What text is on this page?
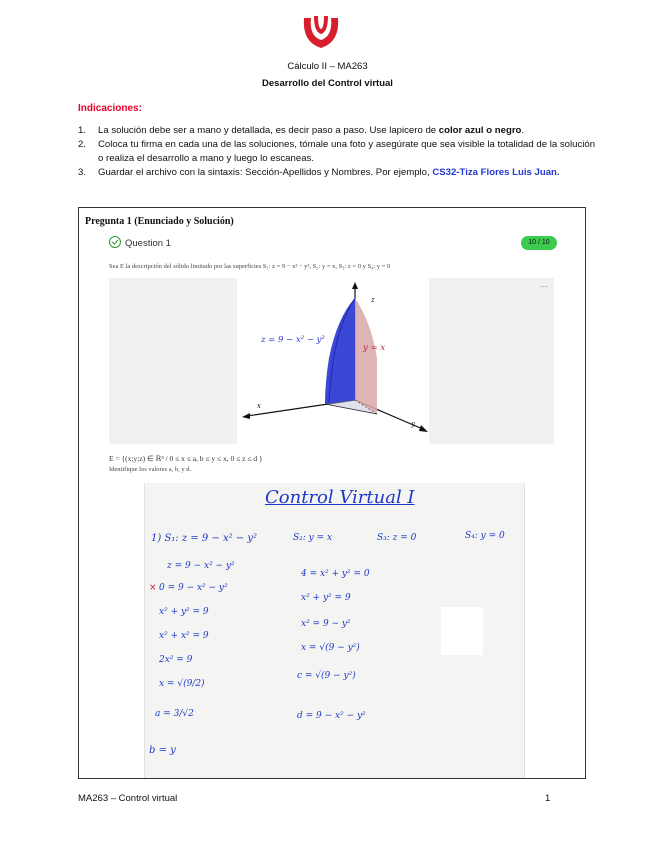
Cálculo II – MA263
Desarrollo del Control virtual
Indicaciones:
1. La solución debe ser a mano y detallada, es decir paso a paso. Use lapicero de color azul o negro.
2. Coloca tu firma en cada una de las soluciones, tómale una foto y asegúrate que sea visible la totalidad de la solución o realiza el desarrollo a mano y luego lo escaneas.
3. Guardar el archivo con la sintaxis: Sección-Apellidos y Nombres. Por ejemplo, CS32-Tiza Flores Luis Juan.
Pregunta 1 (Enunciado y Solución)
Question 1	10 / 10
Sea E la descripción del sólido limitado por las superficies S₁: z = 9 − x² − y², S₂: y = x, S₃: z = 0 y S₄: y = 0
z
x
y
z = 9 − x² − y²
y = x
···
E = {(x;y;z) ∈ ℝ³ / 0 ≤ x ≤ a, b ≤ y ≤ x, 0 ≤ z ≤ d }
Identifique los valores a, b, y d.
Control Virtual I
1) S₁: z = 9 − x² − y²	S₂: y = x	S₃: z = 0	S₄: y = 0
×
z = 9 − x² − y²
0 = 9 − x² − y²
x² + y² = 9
x² + x² = 9
2x² = 9
x = √(9/2)
a = 3/√2
4 = x² + y² = 0
x² + y² = 9
x² = 9 − y²
x = √(9 − y²)
c = √(9 − y²)
d = 9 − x² − y²
b = y
MA263 – Control virtual	1
